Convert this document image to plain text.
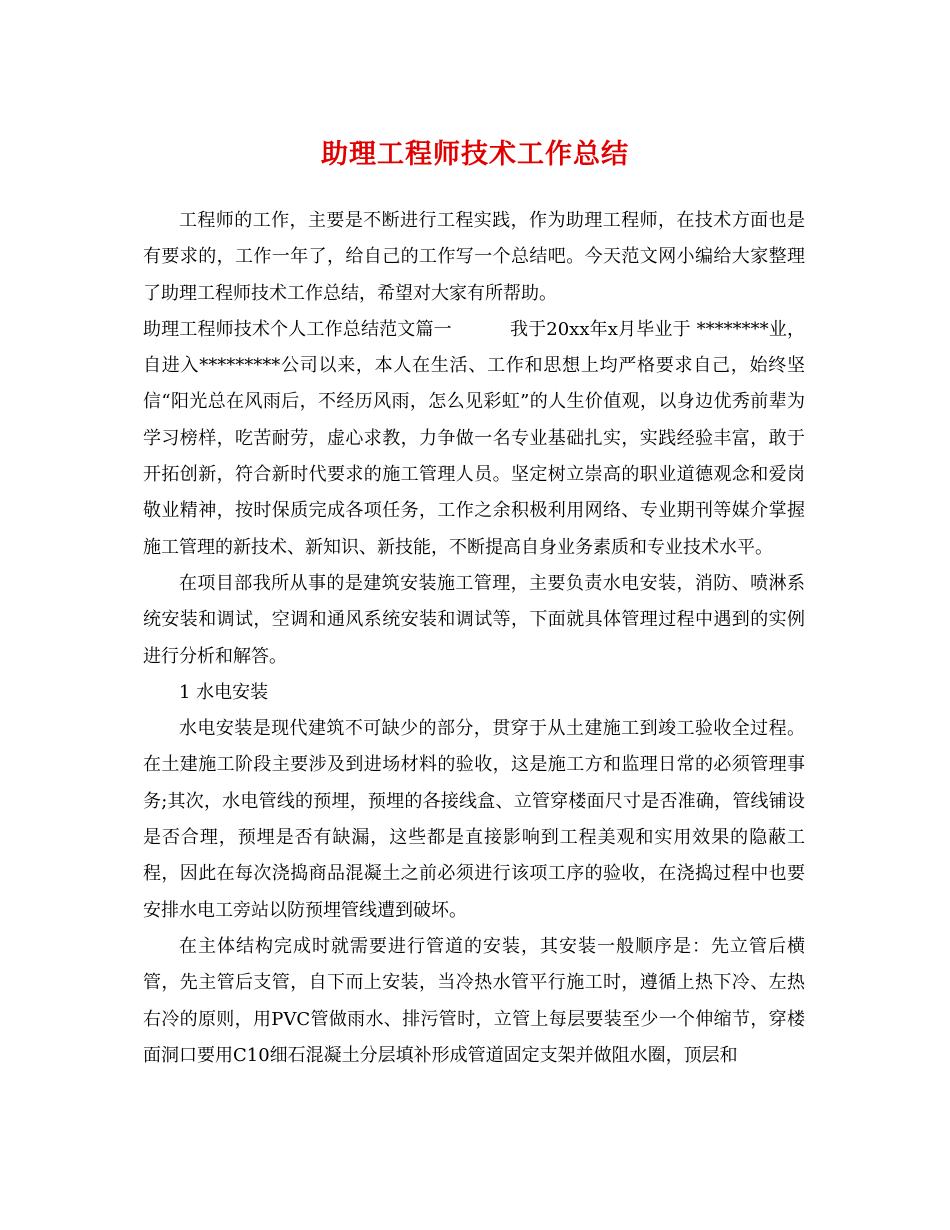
助理工程师技术工作总结

工程师的工作，主要是不断进行工程实践，作为助理工程师，在技术方面也是有要求的，工作一年了，给自己的工作写一个总结吧。今天范文网小编给大家整理了助理工程师技术工作总结，希望对大家有所帮助。

助理工程师技术个人工作总结范文篇一	我于20xx年x月毕业于 ********业，自进入*********公司以来，本人在生活、工作和思想上均严格要求自己，始终坚信“阳光总在风雨后，不经历风雨，怎么见彩虹”的人生价值观，以身边优秀前辈为学习榜样，吃苦耐劳，虚心求教，力争做一名专业基础扎实，实践经验丰富，敢于开拓创新，符合新时代要求的施工管理人员。坚定树立崇高的职业道德观念和爱岗敬业精神，按时保质完成各项任务，工作之余积极利用网络、专业期刊等媒介掌握施工管理的新技术、新知识、新技能，不断提高自身业务素质和专业技术水平。

在项目部我所从事的是建筑安装施工管理，主要负责水电安装，消防、喷淋系统安装和调试，空调和通风系统安装和调试等，下面就具体管理过程中遇到的实例进行分析和解答。

1 水电安装

水电安装是现代建筑不可缺少的部分，贯穿于从土建施工到竣工验收全过程。在土建施工阶段主要涉及到进场材料的验收，这是施工方和监理日常的必须管理事务;其次，水电管线的预埋，预埋的各接线盒、立管穿楼面尺寸是否准确，管线铺设是否合理，预埋是否有缺漏，这些都是直接影响到工程美观和实用效果的隐蔽工程，因此在每次浇捣商品混凝土之前必须进行该项工序的验收，在浇捣过程中也要安排水电工旁站以防预埋管线遭到破坏。

在主体结构完成时就需要进行管道的安装，其安装一般顺序是：先立管后横管，先主管后支管，自下而上安装，当冷热水管平行施工时，遵循上热下冷、左热右冷的原则，用PVC管做雨水、排污管时，立管上每层要装至少一个伸缩节，穿楼面洞口要用C10细石混凝土分层填补形成管道固定支架并做阻水圈，顶层和
